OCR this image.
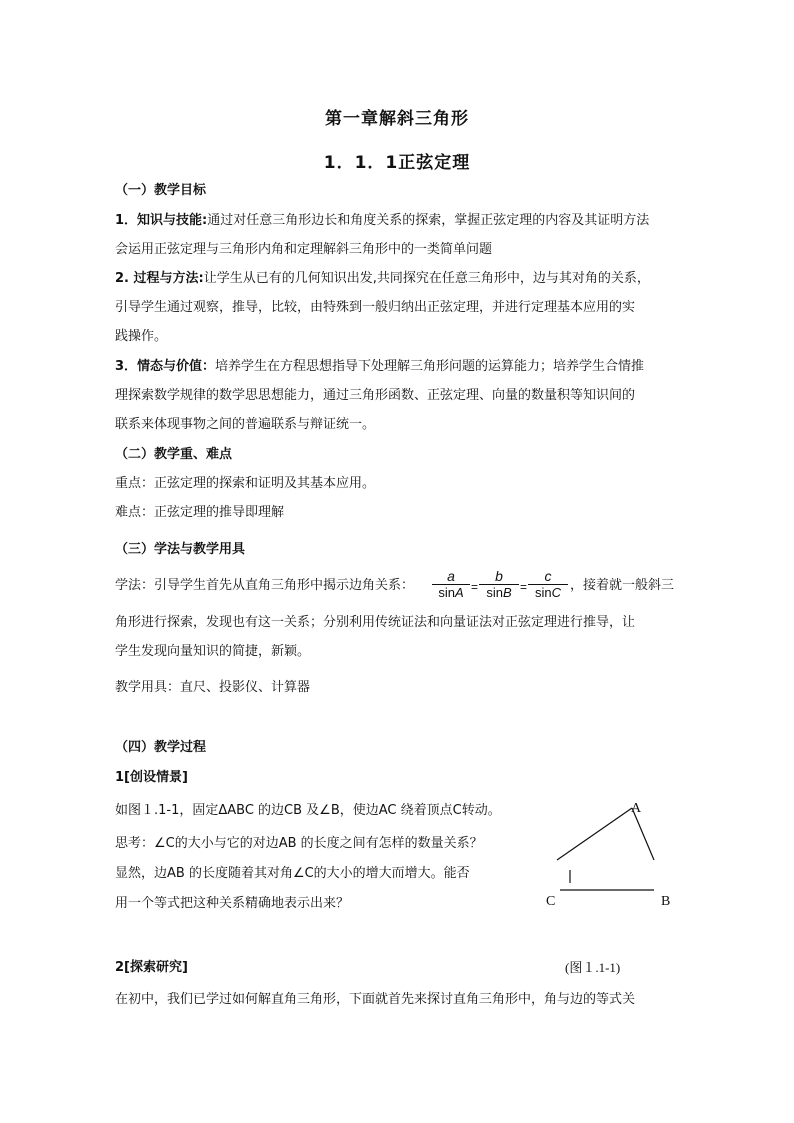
第一章解斜三角形
1．1．1正弦定理
（一）教学目标
1．知识与技能:通过对任意三角形边长和角度关系的探索，掌握正弦定理的内容及其证明方法
会运用正弦定理与三角形内角和定理解斜三角形中的一类简单问题
2. 过程与方法:让学生从已有的几何知识出发,共同探究在任意三角形中，边与其对角的关系，
引导学生通过观察，推导，比较，由特殊到一般归纳出正弦定理，并进行定理基本应用的实
践操作。
3．情态与价值：培养学生在方程思想指导下处理解三角形问题的运算能力；培养学生合情推
理探索数学规律的数学思思想能力，通过三角形函数、正弦定理、向量的数量积等知识间的
联系来体现事物之间的普遍联系与辩证统一。
（二）教学重、难点
重点：正弦定理的探索和证明及其基本应用。
难点：正弦定理的推导即理解
（三）学法与教学用具
学法：引导学生首先从直角三角形中揭示边角关系：	$\frac{a}{\sin A} = \frac{b}{\sin B} = \frac{c}{\sin C}$ ，接着就一般斜三
角形进行探索，发现也有这一关系；分别利用传统证法和向量证法对正弦定理进行推导，让
学生发现向量知识的简捷，新颖。
教学用具：直尺、投影仪、计算器
（四）教学过程
1[创设情景]
如图１.1-1，固定ΔABC 的边CB 及∠B，使边AC 绕着顶点C转动。
思考：∠C的大小与它的对边AB 的长度之间有怎样的数量关系？
显然，边AB 的长度随着其对角∠C的大小的增大而增大。能否
用一个等式把这种关系精确地表示出来？
A
C	B
2[探索研究]	(图１.1-1)
在初中，我们已学过如何解直角三角形，下面就首先来探讨直角三角形中，角与边的等式关
